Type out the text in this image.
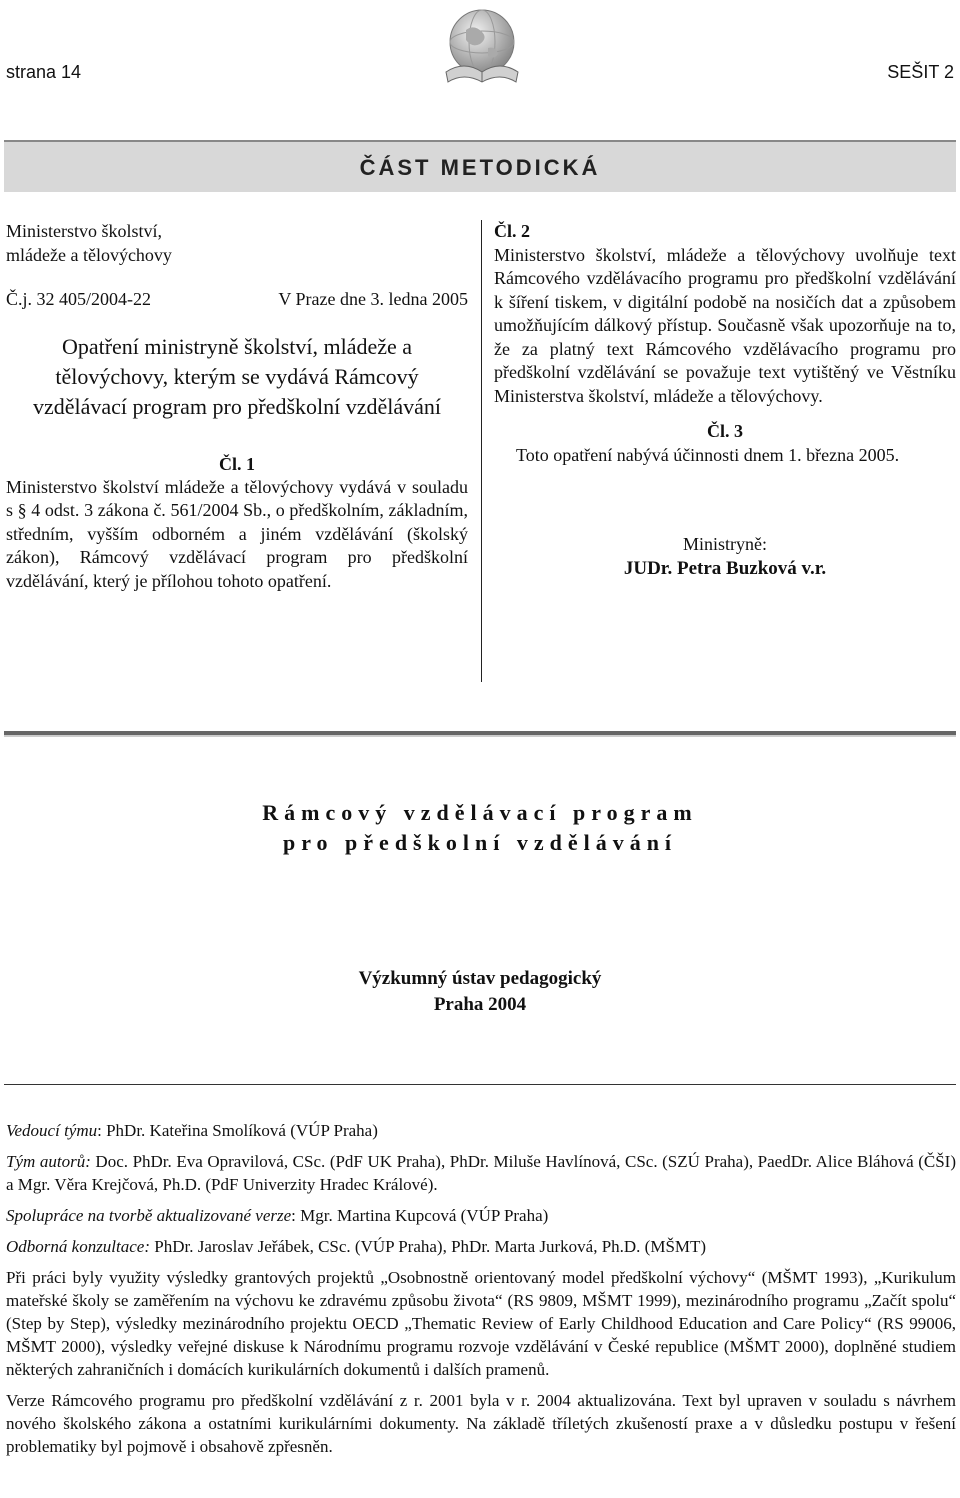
strana 14	SEŠIT 2
ČÁST METODICKÁ

Ministerstvo školství,

mládeže a tělovýchovy

Č.j. 32 405/2004-22	V Praze dne 3. ledna 2005
Opatření ministryně školství, mládeže a tělovýchovy, kterým se vydává Rámcový vzdělávací program pro předškolní vzdělávání
Čl. 1

Ministerstvo školství mládeže a tělovýchovy vydává v souladu s § 4 odst. 3 zákona č. 561/2004 Sb., o předškolním, základním, středním, vyšším odborném a jiném vzdělávání (školský zákon), Rámcový vzdělávací program pro předškolní vzdělávání, který je přílohou tohoto opatření.

Čl. 2

Ministerstvo školství, mládeže a tělovýchovy uvolňuje text Rámcového vzdělávacího programu pro předškolní vzdělávání k šíření tiskem, v digitální podobě na nosičích dat a způsobem umožňujícím dálkový přístup. Současně však upozorňuje na to, že za platný text Rámcového vzdělávacího programu pro předškolní vzdělávání se považuje text vytištěný ve Věstníku Ministerstva školství, mládeže a tělovýchovy.

Čl. 3

Toto opatření nabývá účinnosti dnem 1. března 2005.

Ministryně:
JUDr. Petra Buzková v.r.
Rámcový vzdělávací program
pro předškolní vzdělávání
Výzkumný ústav pedagogický
Praha 2004

Vedoucí týmu: PhDr. Kateřina Smolíková (VÚP Praha)

Tým autorů: Doc. PhDr. Eva Opravilová, CSc. (PdF UK Praha), PhDr. Miluše Havlínová, CSc. (SZÚ Praha), PaedDr. Alice Bláhová (ČŠI) a Mgr. Věra Krejčová, Ph.D. (PdF Univerzity Hradec Králové).

Spolupráce na tvorbě aktualizované verze: Mgr. Martina Kupcová (VÚP Praha)

Odborná konzultace: PhDr. Jaroslav Jeřábek, CSc. (VÚP Praha), PhDr. Marta Jurková, Ph.D. (MŠMT)

Při práci byly využity výsledky grantových projektů „Osobnostně orientovaný model předškolní výchovy“ (MŠMT 1993), „Kurikulum mateřské školy se zaměřením na výchovu ke zdravému způsobu života“ (RS 9809, MŠMT 1999), mezinárodního programu „Začít spolu“ (Step by Step), výsledky mezinárodního projektu OECD „Thematic Review of Early Childhood Education and Care Policy“ (RS 99006, MŠMT 2000), výsledky veřejné diskuse k Národnímu programu rozvoje vzdělávání v České republice (MŠMT 2000), doplněné studiem některých zahraničních i domácích kurikulárních dokumentů i dalších pramenů.

Verze Rámcového programu pro předškolní vzdělávání z r. 2001 byla v r. 2004 aktualizována. Text byl upraven v souladu s návrhem nového školského zákona a ostatními kurikulárními dokumenty. Na základě tříletých zkušeností praxe a v důsledku postupu v řešení problematiky byl pojmově i obsahově zpřesněn.
